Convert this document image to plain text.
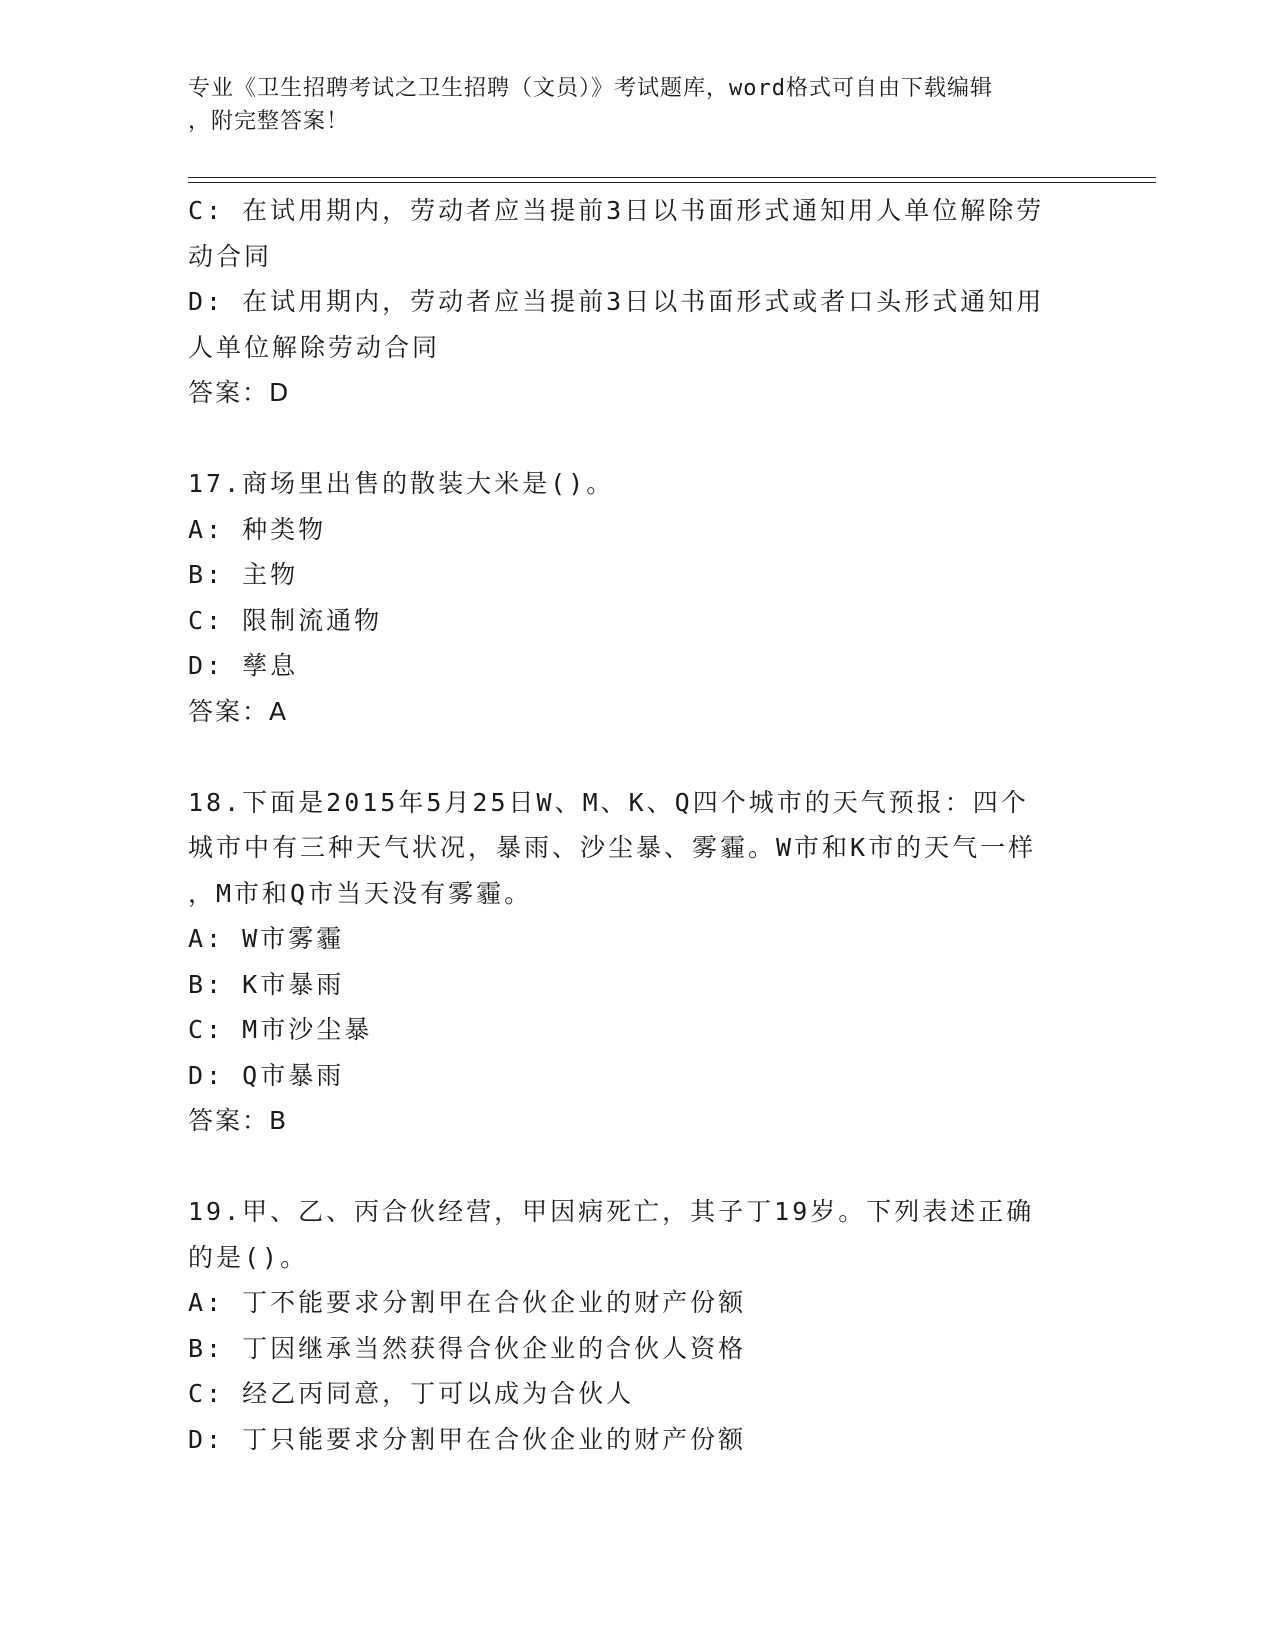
专业《卫生招聘考试之卫生招聘（文员）》考试题库，word格式可自由下载编辑
，附完整答案！
C: 在试用期内，劳动者应当提前3日以书面形式通知用人单位解除劳
动合同
D: 在试用期内，劳动者应当提前3日以书面形式或者口头形式通知用
人单位解除劳动合同
答案：D
17.商场里出售的散装大米是()。
A: 种类物
B: 主物
C: 限制流通物
D: 孳息
答案：A
18.下面是2015年5月25日W、M、K、Q四个城市的天气预报：四个
城市中有三种天气状况，暴雨、沙尘暴、雾霾。W市和K市的天气一样
，M市和Q市当天没有雾霾。
A: W市雾霾
B: K市暴雨
C: M市沙尘暴
D: Q市暴雨
答案：B
19.甲、乙、丙合伙经营，甲因病死亡，其子丁19岁。下列表述正确
的是()。
A: 丁不能要求分割甲在合伙企业的财产份额
B: 丁因继承当然获得合伙企业的合伙人资格
C: 经乙丙同意，丁可以成为合伙人
D: 丁只能要求分割甲在合伙企业的财产份额
